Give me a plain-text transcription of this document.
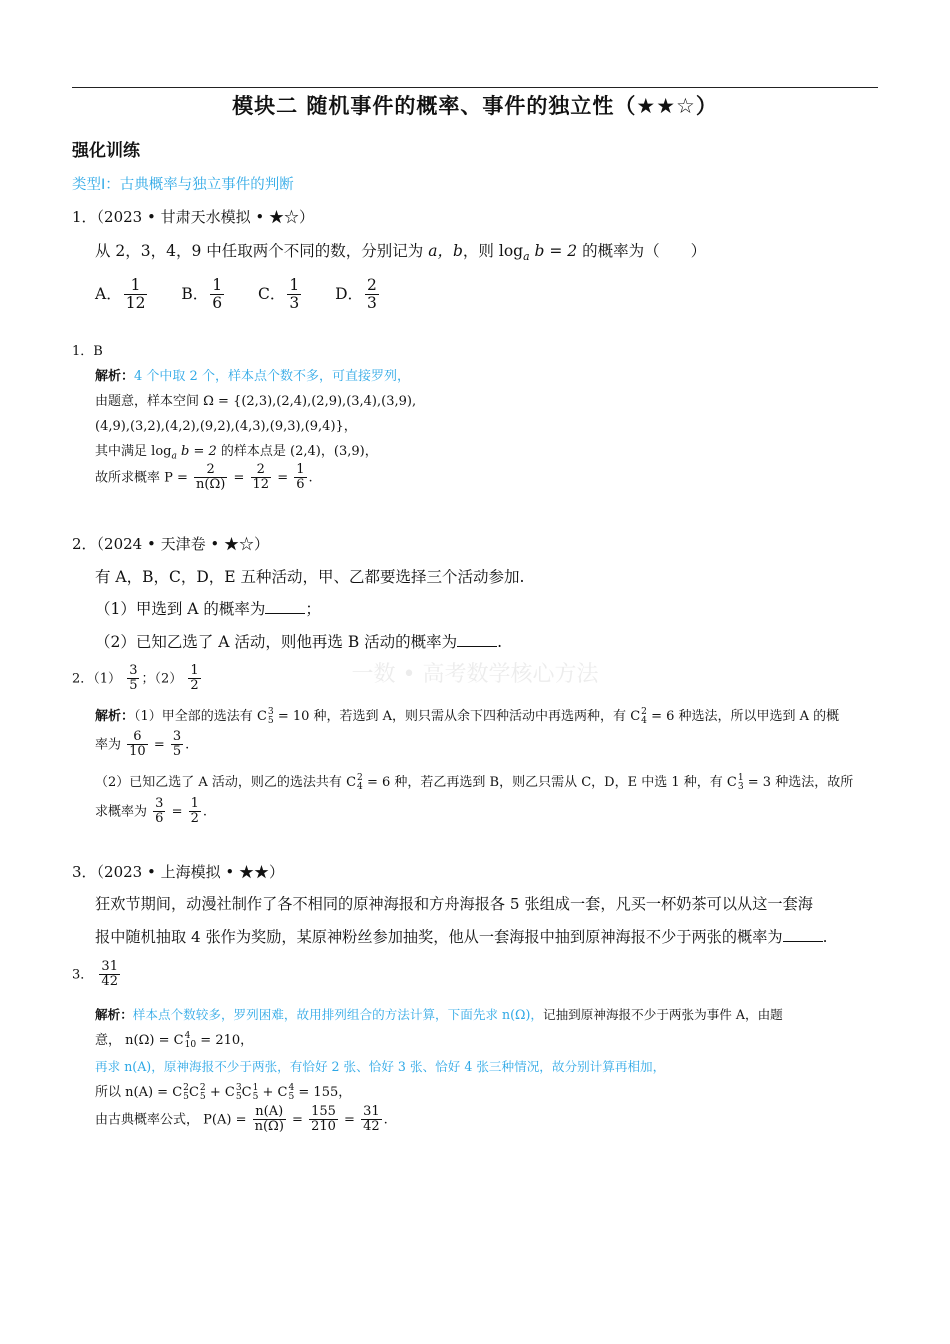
模块二 随机事件的概率、事件的独立性（★★☆）
强化训练
类型Ⅰ：古典概率与独立事件的判断
1．（2023 • 甘肃天水模拟 • ★☆）
从 2，3，4，9 中任取两个不同的数，分别记为 a，b，则 $\log_a b = 2$ 的概率为（　　）
A． $\frac{1}{12}$ B． $\frac{1}{6}$ C． $\frac{1}{3}$ D． $\frac{2}{3}$
1．B
解析：4 个中取 2 个，样本点个数不多，可直接罗列，
由题意，样本空间 Ω = {(2,3),(2,4),(2,9),(3,4),(3,9),
(4,9),(3,2),(4,2),(9,2),(4,3),(9,3),(9,4)}，
其中满足 $\log_a b = 2$ 的样本点是 (2,4)，(3,9)，
故所求概率 $P = \frac{2}{n(\Omega)} = \frac{2}{12} = \frac{1}{6}$ .
2．（2024 • 天津卷 • ★☆）
有 A，B，C，D，E 五种活动，甲、乙都要选择三个活动参加.
（1）甲选到 A 的概率为	；
（2）已知乙选了 A 活动，则他再选 B 活动的概率为	.
一数 • 高考数学核心方法
2．$(1) \frac{3}{5}$ ；$(2) \frac{1}{2}$
解析：（1）甲全部的选法有 C 3
5 = 10 种，若选到 A，则只需从余下四种活动中再选两种，有 C 2
4 = 6 种选法，所以甲选到 A 的概
率为 $\frac{6}{10} = \frac{3}{5}$ .
（2）已知乙选了 A 活动，则乙的选法共有 C 2
4 = 6 种，若乙再选到 B，则乙只需从 C，D，E 中选 1 种，有 C 1
3 = 3 种选法，故所
求概率为 $\frac{3}{6} = \frac{1}{2}$ .
3．（2023 • 上海模拟 • ★★）
狂欢节期间，动漫社制作了各不相同的原神海报和方舟海报各 5 张组成一套，凡买一杯奶茶可以从这一套海
报中随机抽取 4 张作为奖励，某原神粉丝参加抽奖，他从一套海报中抽到原神海报不少于两张的概率为	.
3． $\frac{31}{42}$
解析：样本点个数较多，罗列困难，故用排列组合的方法计算，下面先求 n(Ω)，记抽到原神海报不少于两张为事件 A，由题
意， n(Ω) = C 4
10 = 210，
再求 n(A)，原神海报不少于两张，有恰好 2 张、恰好 3 张、恰好 4 张三种情况，故分别计算再相加，
所以 n(A) = C 2
5 C 2
5 + C 3
5 C 1
5 + C 4
5 = 155，
由古典概率公式， $P(A) = \frac{n(A)}{n(\Omega)} = \frac{155}{210} = \frac{31}{42}$ .
